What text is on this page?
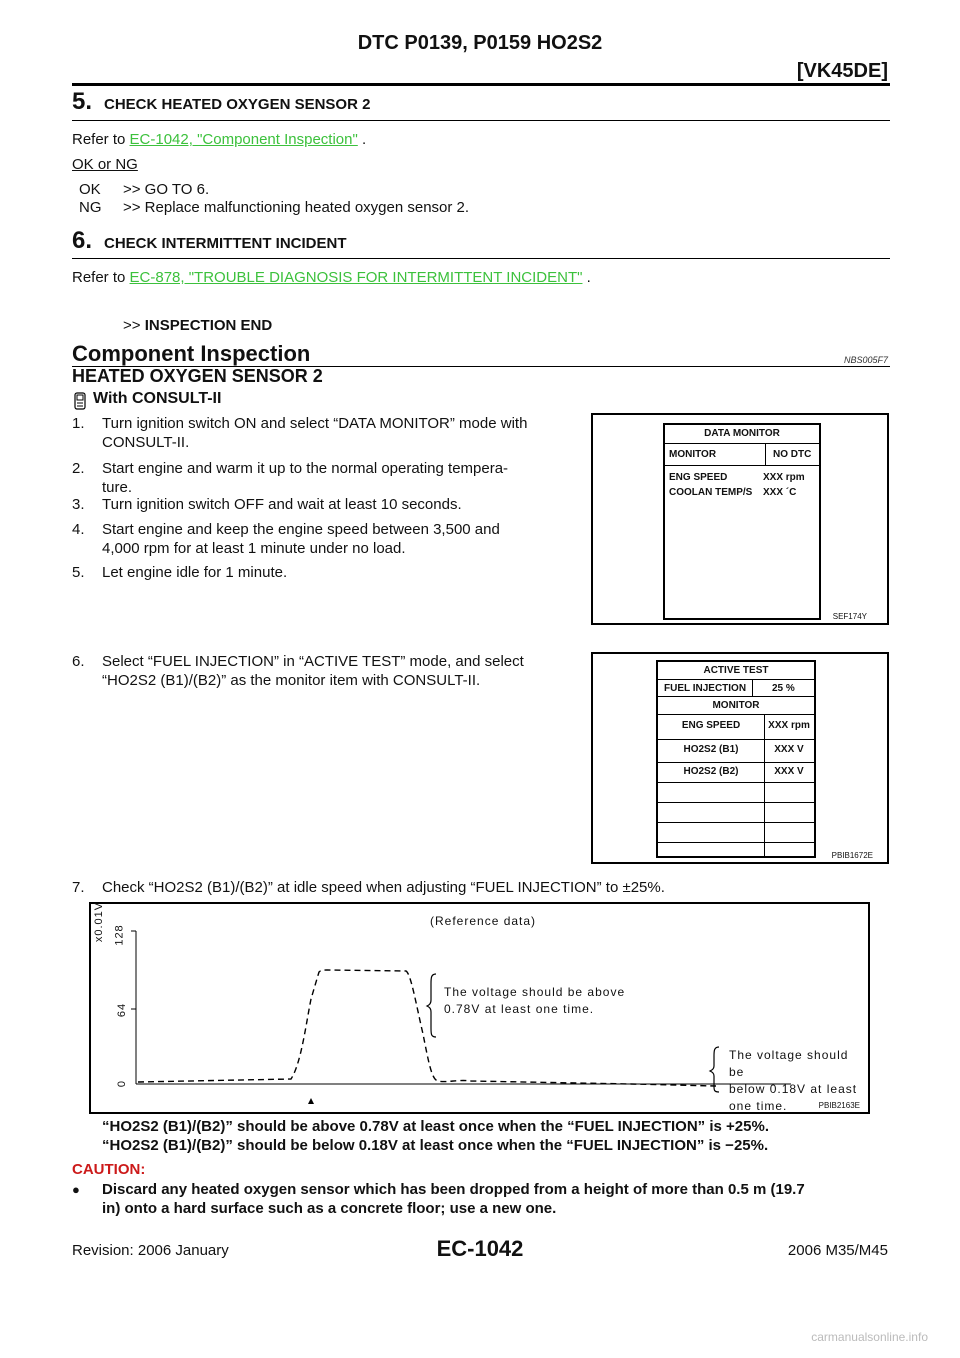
DTC P0139, P0159 HO2S2
[VK45DE]
5. CHECK HEATED OXYGEN SENSOR 2
Refer to EC-1042, "Component Inspection" .
OK or NG
OK >> GO TO 6.
NG >> Replace malfunctioning heated oxygen sensor 2.
6. CHECK INTERMITTENT INCIDENT
Refer to EC-878, "TROUBLE DIAGNOSIS FOR INTERMITTENT INCIDENT" .
>> INSPECTION END
Component Inspection	NBS005F7
HEATED OXYGEN SENSOR 2
With CONSULT-II
1. Turn ignition switch ON and select “DATA MONITOR” mode with
CONSULT-II.
2. Start engine and warm it up to the normal operating tempera-
ture.
3. Turn ignition switch OFF and wait at least 10 seconds.
4. Start engine and keep the engine speed between 3,500 and
4,000 rpm for at least 1 minute under no load.
5. Let engine idle for 1 minute.
6. Select “FUEL INJECTION” in “ACTIVE TEST” mode, and select
“HO2S2 (B1)/(B2)” as the monitor item with CONSULT-II.
7. Check “HO2S2 (B1)/(B2)” at idle speed when adjusting “FUEL INJECTION” to ±25%.
DATA MONITOR
MONITOR	NO DTC
ENG SPEED	XXX rpm
COOLAN TEMP/S XXX ´C
SEF174Y
ACTIVE TEST
FUEL INJECTION	25 %
MONITOR
ENG SPEED	XXX rpm
HO2S2 (B1)	XXX V
HO2S2 (B2)	XXX V
PBIB1672E
(Reference data)
x0.01V 128
64
0
The voltage should be above
0.78V at least one time.
The voltage should be
below 0.18V at least
one time.	PBIB2163E
“HO2S2 (B1)/(B2)” should be above 0.78V at least once when the “FUEL INJECTION” is +25%.
“HO2S2 (B1)/(B2)” should be below 0.18V at least once when the “FUEL INJECTION” is −25%.
CAUTION:
● Discard any heated oxygen sensor which has been dropped from a height of more than 0.5 m (19.7
in) onto a hard surface such as a concrete floor; use a new one.
Revision: 2006 January	EC-1042	2006 M35/M45
carmanualsonline.info
